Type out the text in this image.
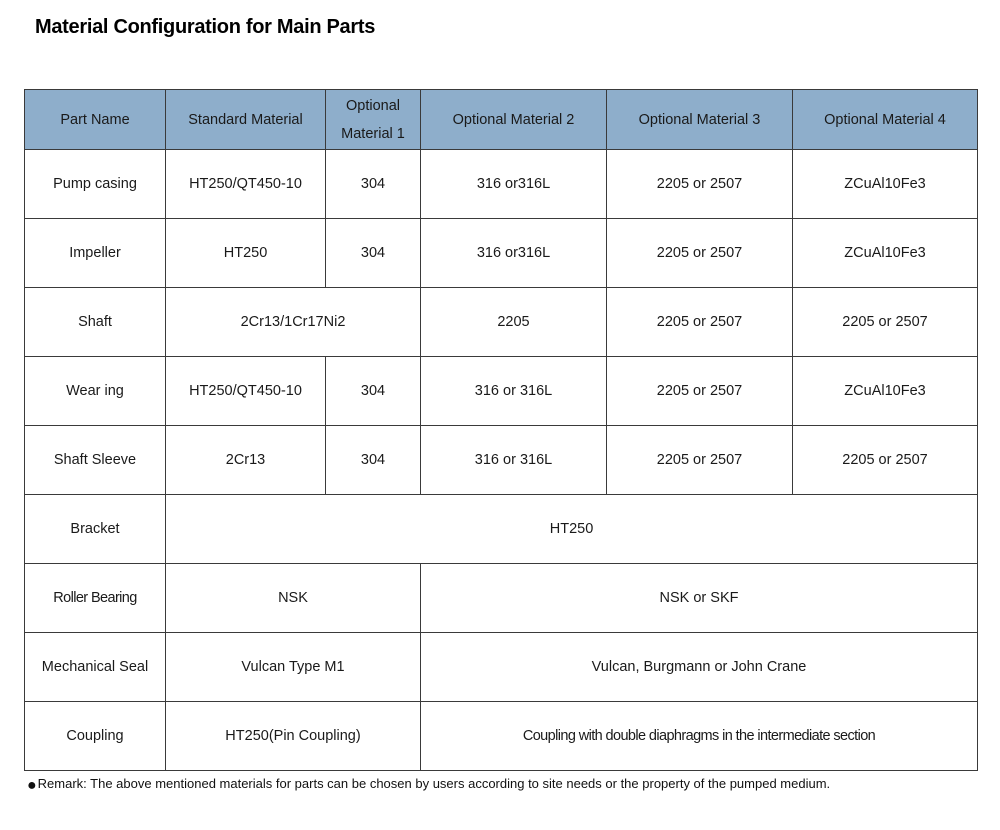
Material Configuration for Main Parts
Part Name	Standard Material	Optional Material 1	Optional Material 2	Optional Material 3	Optional Material 4
Pump casing	HT250/QT450-10	304	316 or316L	2205 or 2507	ZCuAl10Fe3
Impeller	HT250	304	316 or316L	2205 or 2507	ZCuAl10Fe3
Shaft	2Cr13/1Cr17Ni2		2205	2205 or 2507	2205 or 2507
Wear ing	HT250/QT450-10	304	316 or 316L	2205 or 2507	ZCuAl10Fe3
Shaft Sleeve	2Cr13	304	316 or 316L	2205 or 2507	2205 or 2507
Bracket	HT250				
Roller Bearing	NSK		NSK or SKF		
Mechanical Seal	Vulcan Type M1		Vulcan, Burgmann or John Crane		
Coupling	HT250(Pin Coupling)		Coupling with double diaphragms in the intermediate section		
●Remark: The above mentioned materials for parts can be chosen by users according to site needs or the property of the pumped medium.
